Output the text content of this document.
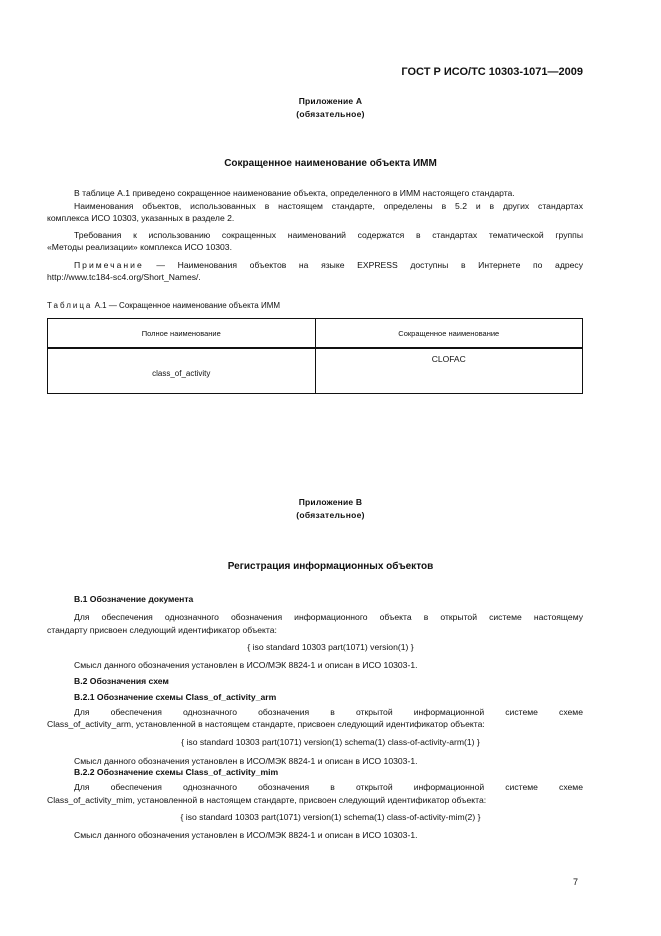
ГОСТ Р ИСО/ТС 10303-1071—2009
Приложение А
(обязательное)
Сокращенное наименование объекта ИММ
В таблице А.1 приведено сокращенное наименование объекта, определенного в ИММ настоящего стандарта.
Наименования объектов, использованных в настоящем стандарте, определены в 5.2 и в других стандартах
комплекса ИСО 10303, указанных в разделе 2.
Требования к использованию сокращенных наименований содержатся в стандартах тематической группы
«Методы реализации» комплекса ИСО 10303.
Примечание — Наименования объектов на языке EXPRESS доступны в Интернете по адресу
http://www.tc184-sc4.org/Short_Names/.
Таблица А.1 — Сокращенное наименование объекта ИММ
Полное наименование	Сокращенное наименование
class_of_activity	CLOFAC
Приложение В
(обязательное)
Регистрация информационных объектов
В.1 Обозначение документа
Для обеспечения однозначного обозначения информационного объекта в открытой системе настоящему
стандарту присвоен следующий идентификатор объекта:
{ iso standard 10303 part(1071) version(1) }
Смысл данного обозначения установлен в ИСО/МЭК 8824-1 и описан в ИСО 10303-1.
В.2 Обозначения схем
В.2.1 Обозначение схемы Class_of_activity_arm
Для обеспечения однозначного обозначения в открытой информационной системе схеме
Class_of_activity_arm, установленной в настоящем стандарте, присвоен следующий идентификатор объекта:
{ iso standard 10303 part(1071) version(1) schema(1) class-of-activity-arm(1) }
Смысл данного обозначения установлен в ИСО/МЭК 8824-1 и описан в ИСО 10303-1.
В.2.2 Обозначение схемы Class_of_activity_mim
Для обеспечения однозначного обозначения в открытой информационной системе схеме
Class_of_activity_mim, установленной в настоящем стандарте, присвоен следующий идентификатор объекта:
{ iso standard 10303 part(1071) version(1) schema(1) class-of-activity-mim(2) }
Смысл данного обозначения установлен в ИСО/МЭК 8824-1 и описан в ИСО 10303-1.
7
